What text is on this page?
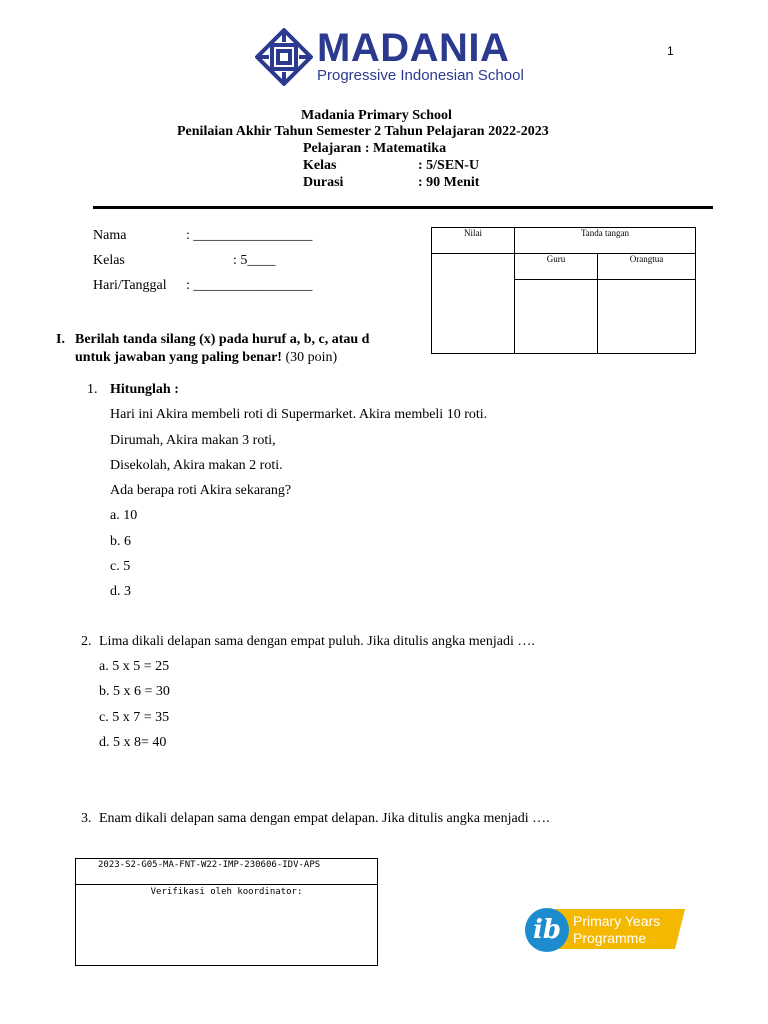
1
MADANIA
Progressive Indonesian School
Madania Primary School
Penilaian Akhir Tahun Semester 2 Tahun Pelajaran 2022-2023
Pelajaran : Matematika
Kelas	: 5/SEN-U
Durasi	: 90 Menit
Nama	: _________________
Kelas	: 5____
Hari/Tanggal : _________________
Nilai	Tanda tangan	
	Guru	Orangtua

I. Berilah tanda silang (x) pada huruf a, b, c, atau d
untuk jawaban yang paling benar! (30 poin)
1. Hitunglah :
Hari ini Akira membeli roti di Supermarket. Akira membeli 10 roti.
Dirumah, Akira makan 3 roti,
Disekolah, Akira makan 2 roti.
Ada berapa roti Akira sekarang?
a. 10
b. 6
c. 5
d. 3
2. Lima dikali delapan sama dengan empat puluh. Jika ditulis angka menjadi ….
a. 5 x 5 = 25
b. 5 x 6 = 30
c. 5 x 7 = 35
d. 5 x 8= 40
3. Enam dikali delapan sama dengan empat delapan. Jika ditulis angka menjadi ….
2023-S2-G05-MA-FNT-W22-IMP-230606-IDV-APS
Verifikasi oleh koordinator:
ib Primary Years
Programme
